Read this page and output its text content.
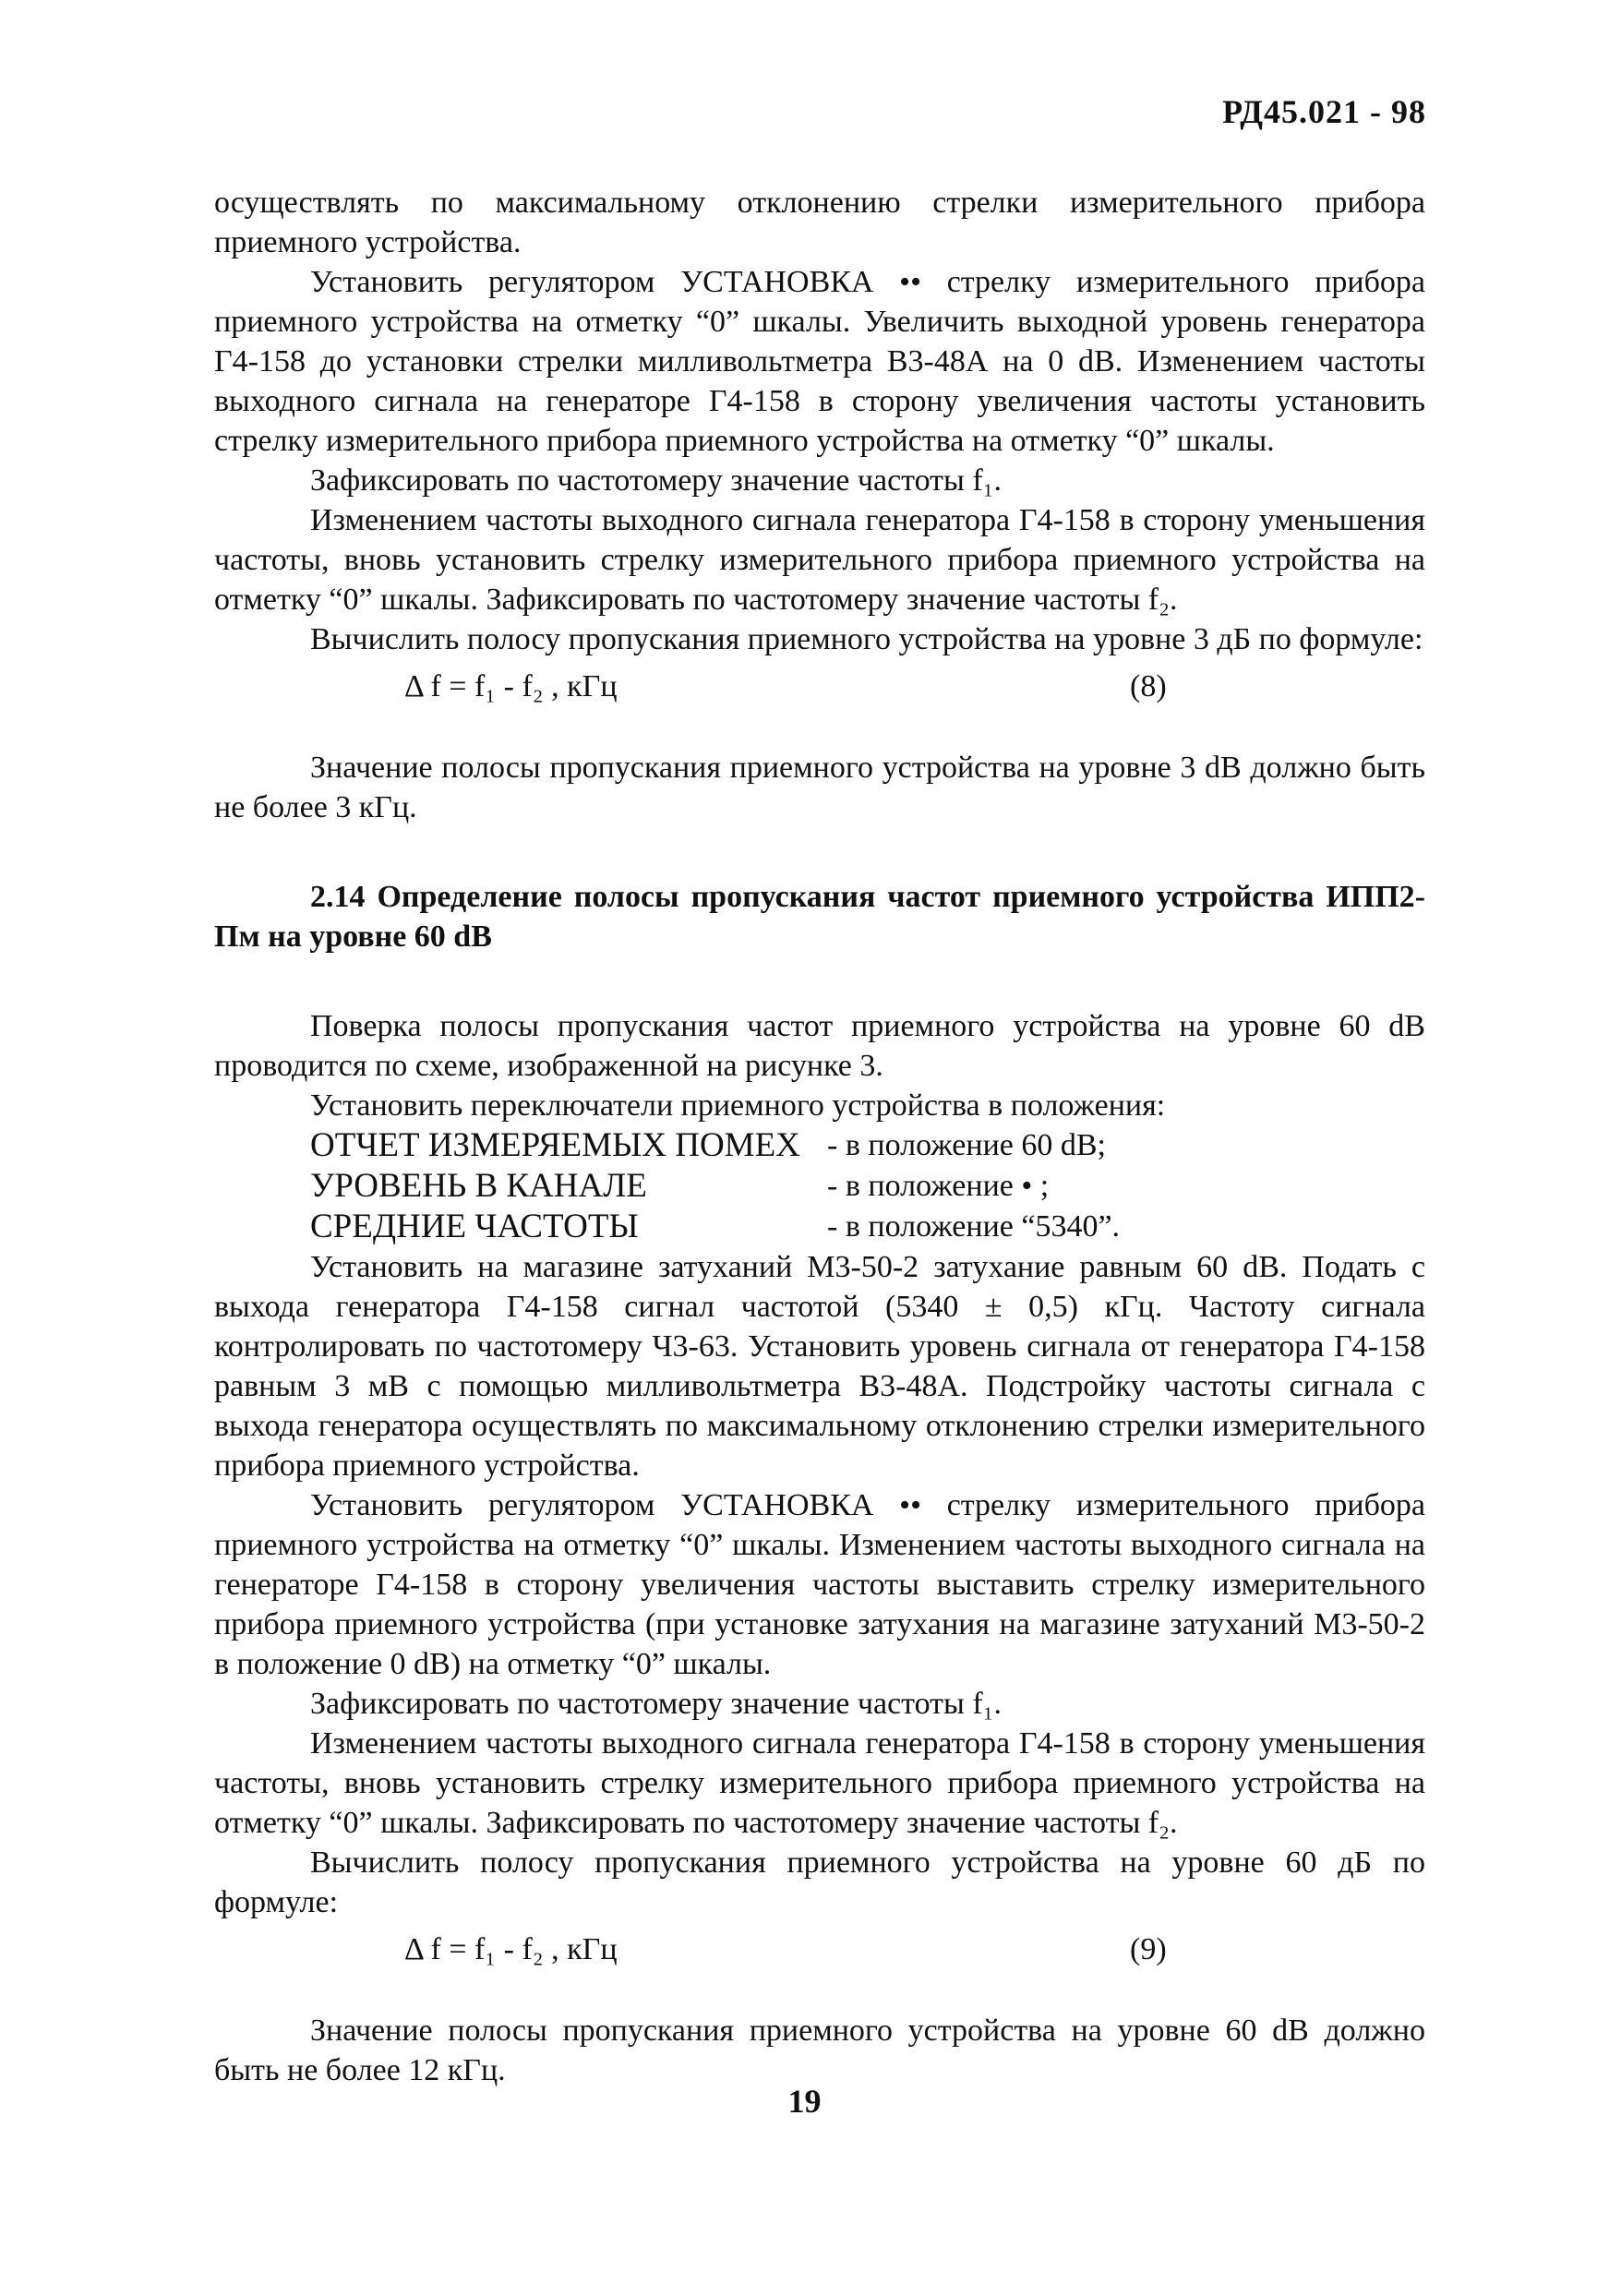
РД45.021 - 98

осуществлять по максимальному отклонению стрелки измерительного прибора приемного устройства.

Установить регулятором УСТАНОВКА •• стрелку измерительного прибора приемного устройства на отметку “0” шкалы. Увеличить выходной уровень генератора Г4-158 до установки стрелки милливольтметра В3-48А на 0 dB. Изменением частоты выходного сигнала на генераторе Г4-158 в сторону увеличения частоты установить стрелку измерительного прибора приемного устройства на отметку “0” шкалы.

Зафиксировать по частотомеру значение частоты f₁.

Изменением частоты выходного сигнала генератора Г4-158 в сторону уменьшения частоты, вновь установить стрелку измерительного прибора приемного устройства на отметку “0” шкалы. Зафиксировать по частотомеру значение частоты f₂.

Вычислить полосу пропускания приемного устройства на уровне 3 дБ по формуле:

Δ f = f₁ - f₂ , кГц	(8)

Значение полосы пропускания приемного устройства на уровне 3 dB должно быть не более 3 кГц.

2.14 Определение полосы пропускания частот приемного устройства ИПП2-Пм на уровне 60 dB

Поверка полосы пропускания частот приемного устройства на уровне 60 dB проводится по схеме, изображенной на рисунке 3.

Установить переключатели приемного устройства в положения:

ОТЧЕТ ИЗМЕРЯЕМЫХ ПОМЕХ - в положение 60 dB;
УРОВЕНЬ В КАНАЛЕ	- в положение • ;
СРЕДНИЕ ЧАСТОТЫ	- в положение “5340”.

Установить на магазине затуханий М3-50-2 затухание равным 60 dB. Подать с выхода генератора Г4-158 сигнал частотой (5340 ± 0,5) кГц. Частоту сигнала контролировать по частотомеру Ч3-63. Установить уровень сигнала от генератора Г4-158 равным 3 мВ с помощью милливольтметра В3-48А. Подстройку частоты сигнала с выхода генератора осуществлять по максимальному отклонению стрелки измерительного прибора приемного устройства.

Установить регулятором УСТАНОВКА •• стрелку измерительного прибора приемного устройства на отметку “0” шкалы. Изменением частоты выходного сигнала на генераторе Г4-158 в сторону увеличения частоты выставить стрелку измерительного прибора приемного устройства (при установке затухания на магазине затуханий М3-50-2 в положение 0 dB) на отметку “0” шкалы.

Зафиксировать по частотомеру значение частоты f₁.

Изменением частоты выходного сигнала генератора Г4-158 в сторону уменьшения частоты, вновь установить стрелку измерительного прибора приемного устройства на отметку “0” шкалы. Зафиксировать по частотомеру значение частоты f₂.

Вычислить полосу пропускания приемного устройства на уровне 60 дБ по формуле:

Δ f = f₁ - f₂ , кГц	(9)

Значение полосы пропускания приемного устройства на уровне 60 dB должно быть не более 12 кГц.

19
